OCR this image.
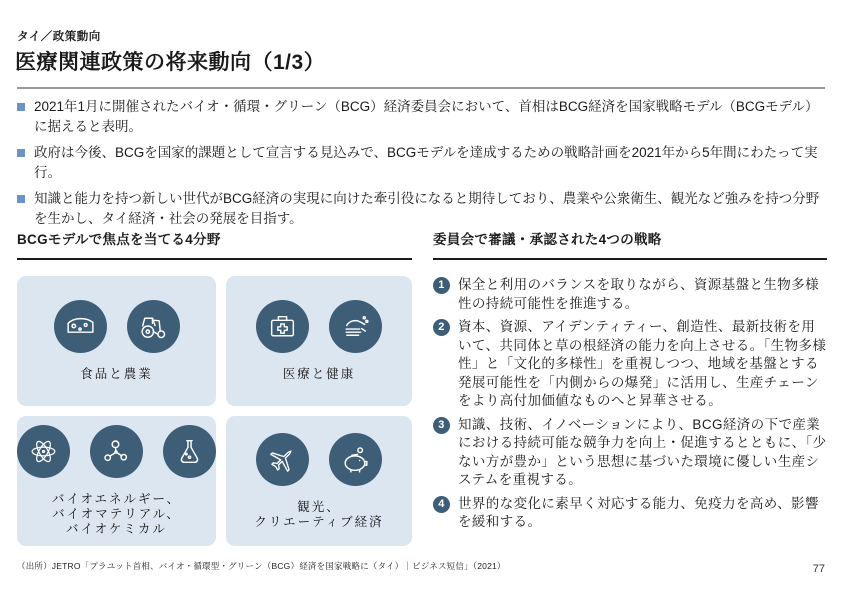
タイ／政策動向
医療関連政策の将来動向（1/3）
2021年1月に開催されたバイオ・循環・グリーン（BCG）経済委員会において、首相はBCG経済を国家戦略モデル（BCGモデル）に据えると表明。
政府は今後、BCGを国家的課題として宣言する見込みで、BCGモデルを達成するための戦略計画を2021年から5年間にわたって実行。
知識と能力を持つ新しい世代がBCG経済の実現に向けた牽引役になると期待しており、農業や公衆衛生、観光など強みを持つ分野を生かし、タイ経済・社会の発展を目指す。
BCGモデルで焦点を当てる4分野
食品と農業	医療と健康
バイオエネルギー、
バイオマテリアル、
バイオケミカル
観光、
クリエーティブ経済
委員会で審議・承認された4つの戦略
1 保全と利用のバランスを取りながら、資源基盤と生物多様性の持続可能性を推進する。
2 資本、資源、アイデンティティー、創造性、最新技術を用いて、共同体と草の根経済の能力を向上させる。「生物多様性」と「文化的多様性」を重視しつつ、地域を基盤とする発展可能性を「内側からの爆発」に活用し、生産チェーンをより高付加価値なものへと昇華させる。
3 知識、技術、イノベーションにより、BCG経済の下で産業における持続可能な競争力を向上・促進するとともに、「少ない方が豊か」という思想に基づいた環境に優しい生産システムを重視する。
4 世界的な変化に素早く対応する能力、免疫力を高め、影響を緩和する。
（出所）JETRO「プラユット首相、バイオ・循環型・グリーン（BCG）経済を国家戦略に（タイ）｜ビジネス短信」（2021）	77
